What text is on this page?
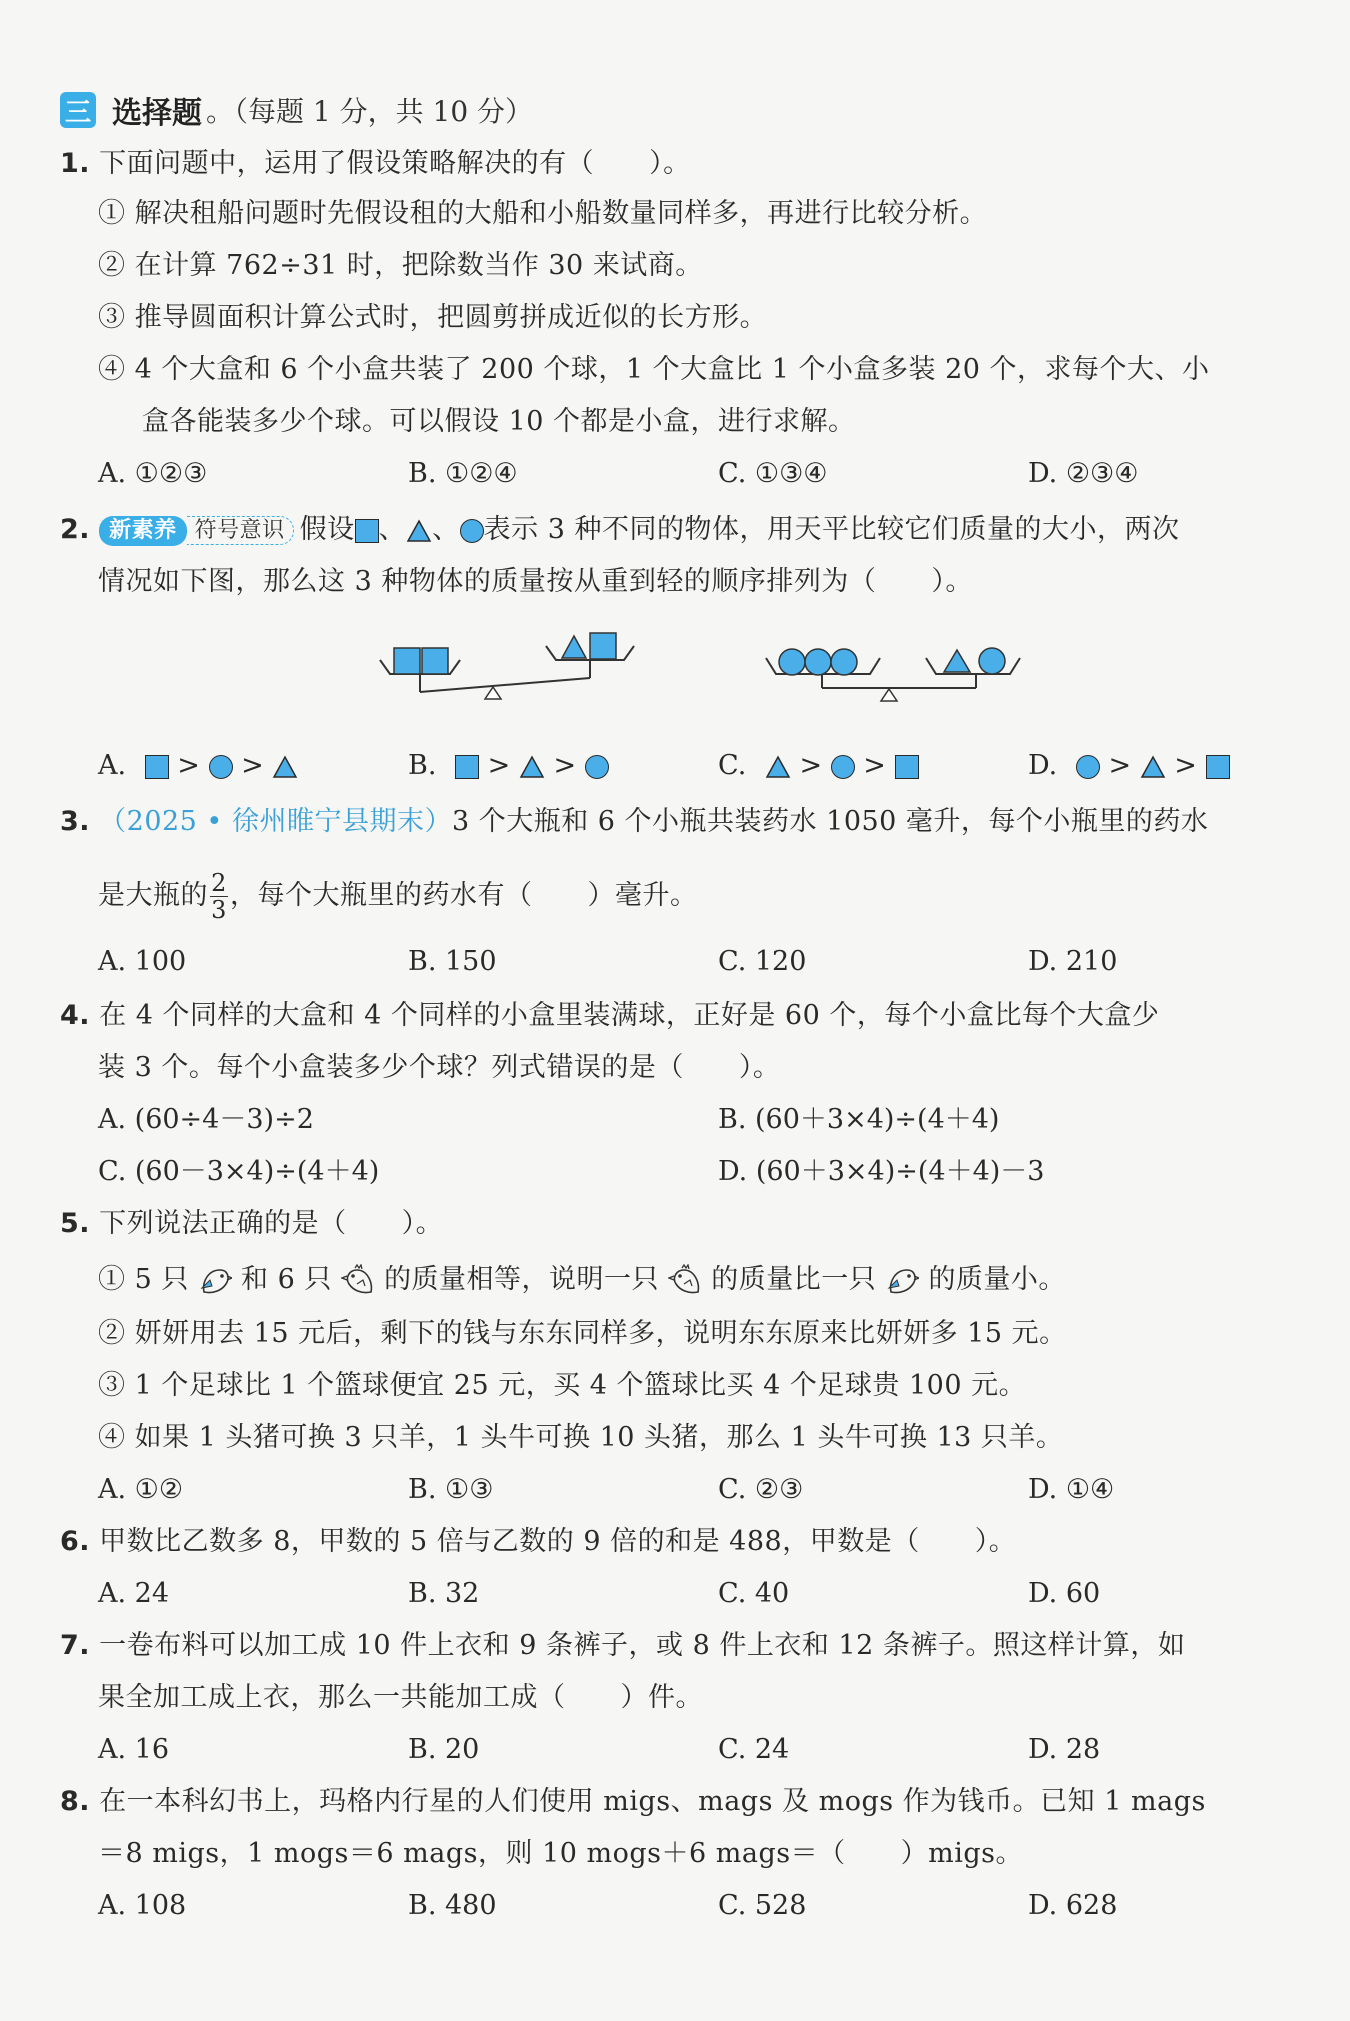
三 选择题 。（每题 1 分，共 10 分）
1. 下面问题中，运用了假设策略解决的有（　　）。
① 解决租船问题时先假设租的大船和小船数量同样多，再进行比较分析。
② 在计算 762÷31 时，把除数当作 30 来试商。
③ 推导圆面积计算公式时，把圆剪拼成近似的长方形。
④ 4 个大盒和 6 个小盒共装了 200 个球，1 个大盒比 1 个小盒多装 20 个，求每个大、小
盒各能装多少个球。可以假设 10 个都是小盒，进行求解。
A. ①②③	B. ①②④	C. ①③④	D. ②③④
2. 新素养 符号意识 假设 、 、 表示 3 种不同的物体，用天平比较它们质量的大小，两次
情况如下图，那么这 3 种物体的质量按从重到轻的顺序排列为（　　）。
A. > >	B. > >	C. > >	D. > >
3. （2025 • 徐州睢宁县期末）3 个大瓶和 6 个小瓶共装药水 1050 毫升，每个小瓶里的药水
是大瓶的 $\frac{2}{3}$ ，每个大瓶里的药水有（　　）毫升。
A. 100	B. 150	C. 120	D. 210
4. 在 4 个同样的大盒和 4 个同样的小盒里装满球，正好是 60 个，每个小盒比每个大盒少
装 3 个。每个小盒装多少个球？列式错误的是（　　）。
A. (60÷4－3)÷2	B. (60＋3×4)÷(4＋4)
C. (60－3×4)÷(4＋4)	D. (60＋3×4)÷(4＋4)－3
5. 下列说法正确的是（　　）。
① 5 只 和 6 只 的质量相等，说明一只 的质量比一只 的质量小。
② 妍妍用去 15 元后，剩下的钱与东东同样多，说明东东原来比妍妍多 15 元。
③ 1 个足球比 1 个篮球便宜 25 元，买 4 个篮球比买 4 个足球贵 100 元。
④ 如果 1 头猪可换 3 只羊，1 头牛可换 10 头猪，那么 1 头牛可换 13 只羊。
A. ①②	B. ①③	C. ②③	D. ①④
6. 甲数比乙数多 8，甲数的 5 倍与乙数的 9 倍的和是 488，甲数是（　　）。
A. 24	B. 32	C. 40	D. 60
7. 一卷布料可以加工成 10 件上衣和 9 条裤子，或 8 件上衣和 12 条裤子。照这样计算，如
果全加工成上衣，那么一共能加工成（　　）件。
A. 16	B. 20	C. 24	D. 28
8. 在一本科幻书上，玛格内行星的人们使用 migs、mags 及 mogs 作为钱币。已知 1 mags
＝8 migs，1 mogs＝6 mags，则 10 mogs＋6 mags＝（　　）migs。
A. 108	B. 480	C. 528	D. 628
